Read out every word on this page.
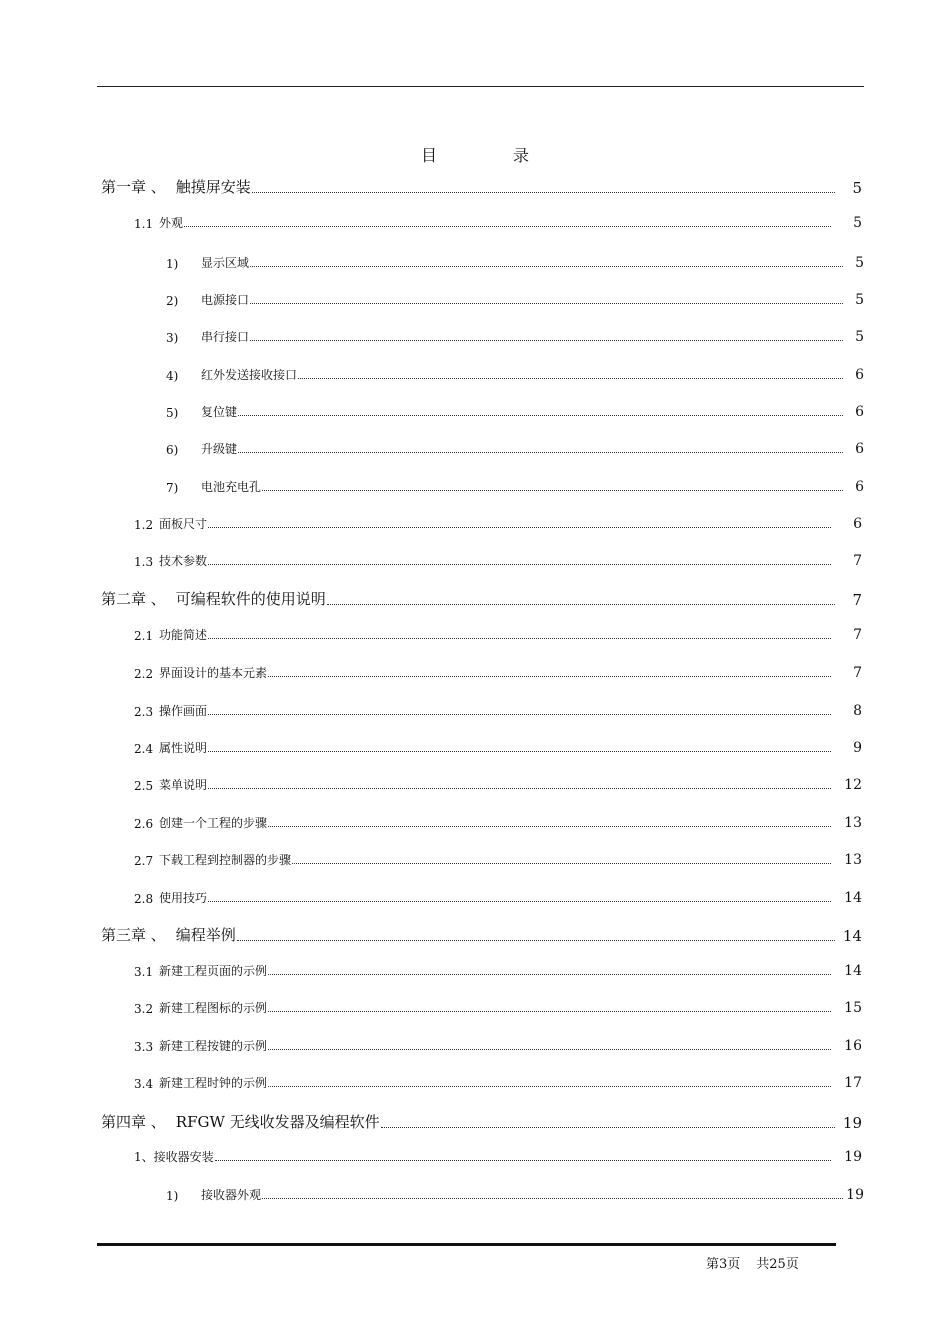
目	录
第一章 、 触摸屏安装	5
1.1 外观	5
1)	显示区域	5
2)	电源接口	5
3)	串行接口	5
4)	红外发送接收接口	6
5)	复位键	6
6)	升级键	6
7)	电池充电孔	6
1.2 面板尺寸	6
1.3 技术参数	7
第二章 、 可编程软件的使用说明	7
2.1 功能简述	7
2.2 界面设计的基本元素	7
2.3 操作画面	8
2.4 属性说明	9
2.5 菜单说明	12
2.6 创建一个工程的步骤	13
2.7 下载工程到控制器的步骤	13
2.8 使用技巧	14
第三章 、 编程举例	14
3.1 新建工程页面的示例	14
3.2 新建工程图标的示例	15
3.3 新建工程按键的示例	16
3.4 新建工程时钟的示例	17
第四章 、 RFGW 无线收发器及编程软件	19
1、接收器安装	19
1)	接收器外观	19
第3页 共25页
